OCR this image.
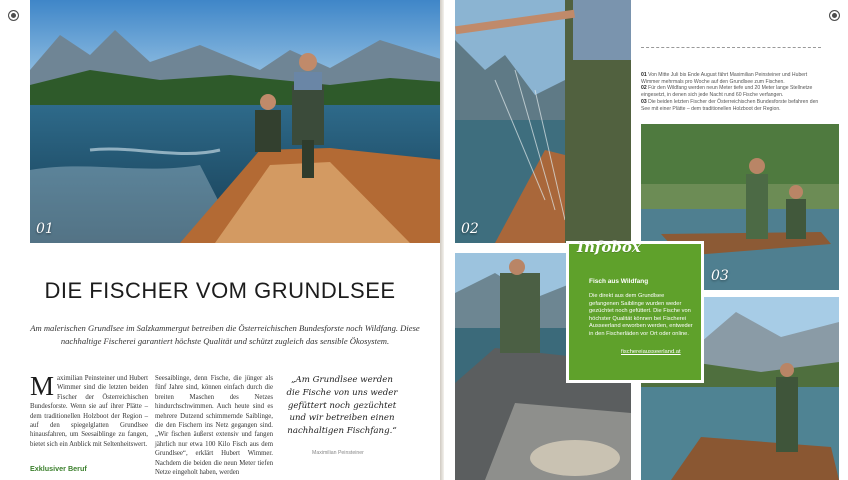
01
DIE FISCHER VOM GRUNDLSEE

Am malerischen Grundlsee im Salzkammergut betreiben die Österreichischen Bundesforste noch Wildfang. Diese nachhaltige Fischerei garantiert höchste Qualität und schützt zugleich das sensible Ökosystem.

Maximilian Peinsteiner und Hubert Wimmer sind die letzten beiden Fischer der Österreichischen Bundesforste. Wenn sie auf ihrer Plätte – dem traditionellen Holzboot der Region – auf den spiegelglatten Grundlsee hinausfahren, um Seesaiblinge zu fangen, bietet sich ein Anblick mit Seltenheitswert.
Seesaiblinge, denn Fische, die jünger als fünf Jahre sind, können einfach durch die breiten Maschen des Netzes hindurchschwimmen. Auch heute sind es mehrere Dutzend schimmernde Saiblinge, die den Fischern ins Netz gegangen sind. „Wir fischen äußerst extensiv und fangen jährlich nur etwa 100 Kilo Fisch aus dem Grundlsee“, erklärt Hubert Wimmer. Nachdem die beiden die neun Meter tiefen Netze eingeholt haben, werden
Exklusiver Beruf
„Am Grundlsee werden die Fische von uns weder gefüttert noch gezüchtet und wir betreiben einen nachhaltigen Fischfang.“
Maximilian Peinsteiner
02

01 Von Mitte Juli bis Ende August fährt Maximilian Peinsteiner und Hubert Wimmer mehrmals pro Woche auf den Grundlsee zum Fischen.

02 Für den Wildfang werden neun Meter tiefe und 20 Meter lange Stellnetze eingesetzt, in denen sich jede Nacht rund 60 Fische verfangen.

03 Die beiden letzten Fischer der Österreichischen Bundesforste befahren den See mit einer Plätte – dem traditionellen Holzboot der Region.

03
Infobox
Fisch aus Wildfang
Die direkt aus dem Grundlsee gefangenen Saiblinge wurden weder gezüchtet noch gefüttert. Die Fische von höchster Qualität können bei Fischerei Ausseerland erworben werden, entweder in den Fischerläden vor Ort oder online.
fischereiausseerland.at
